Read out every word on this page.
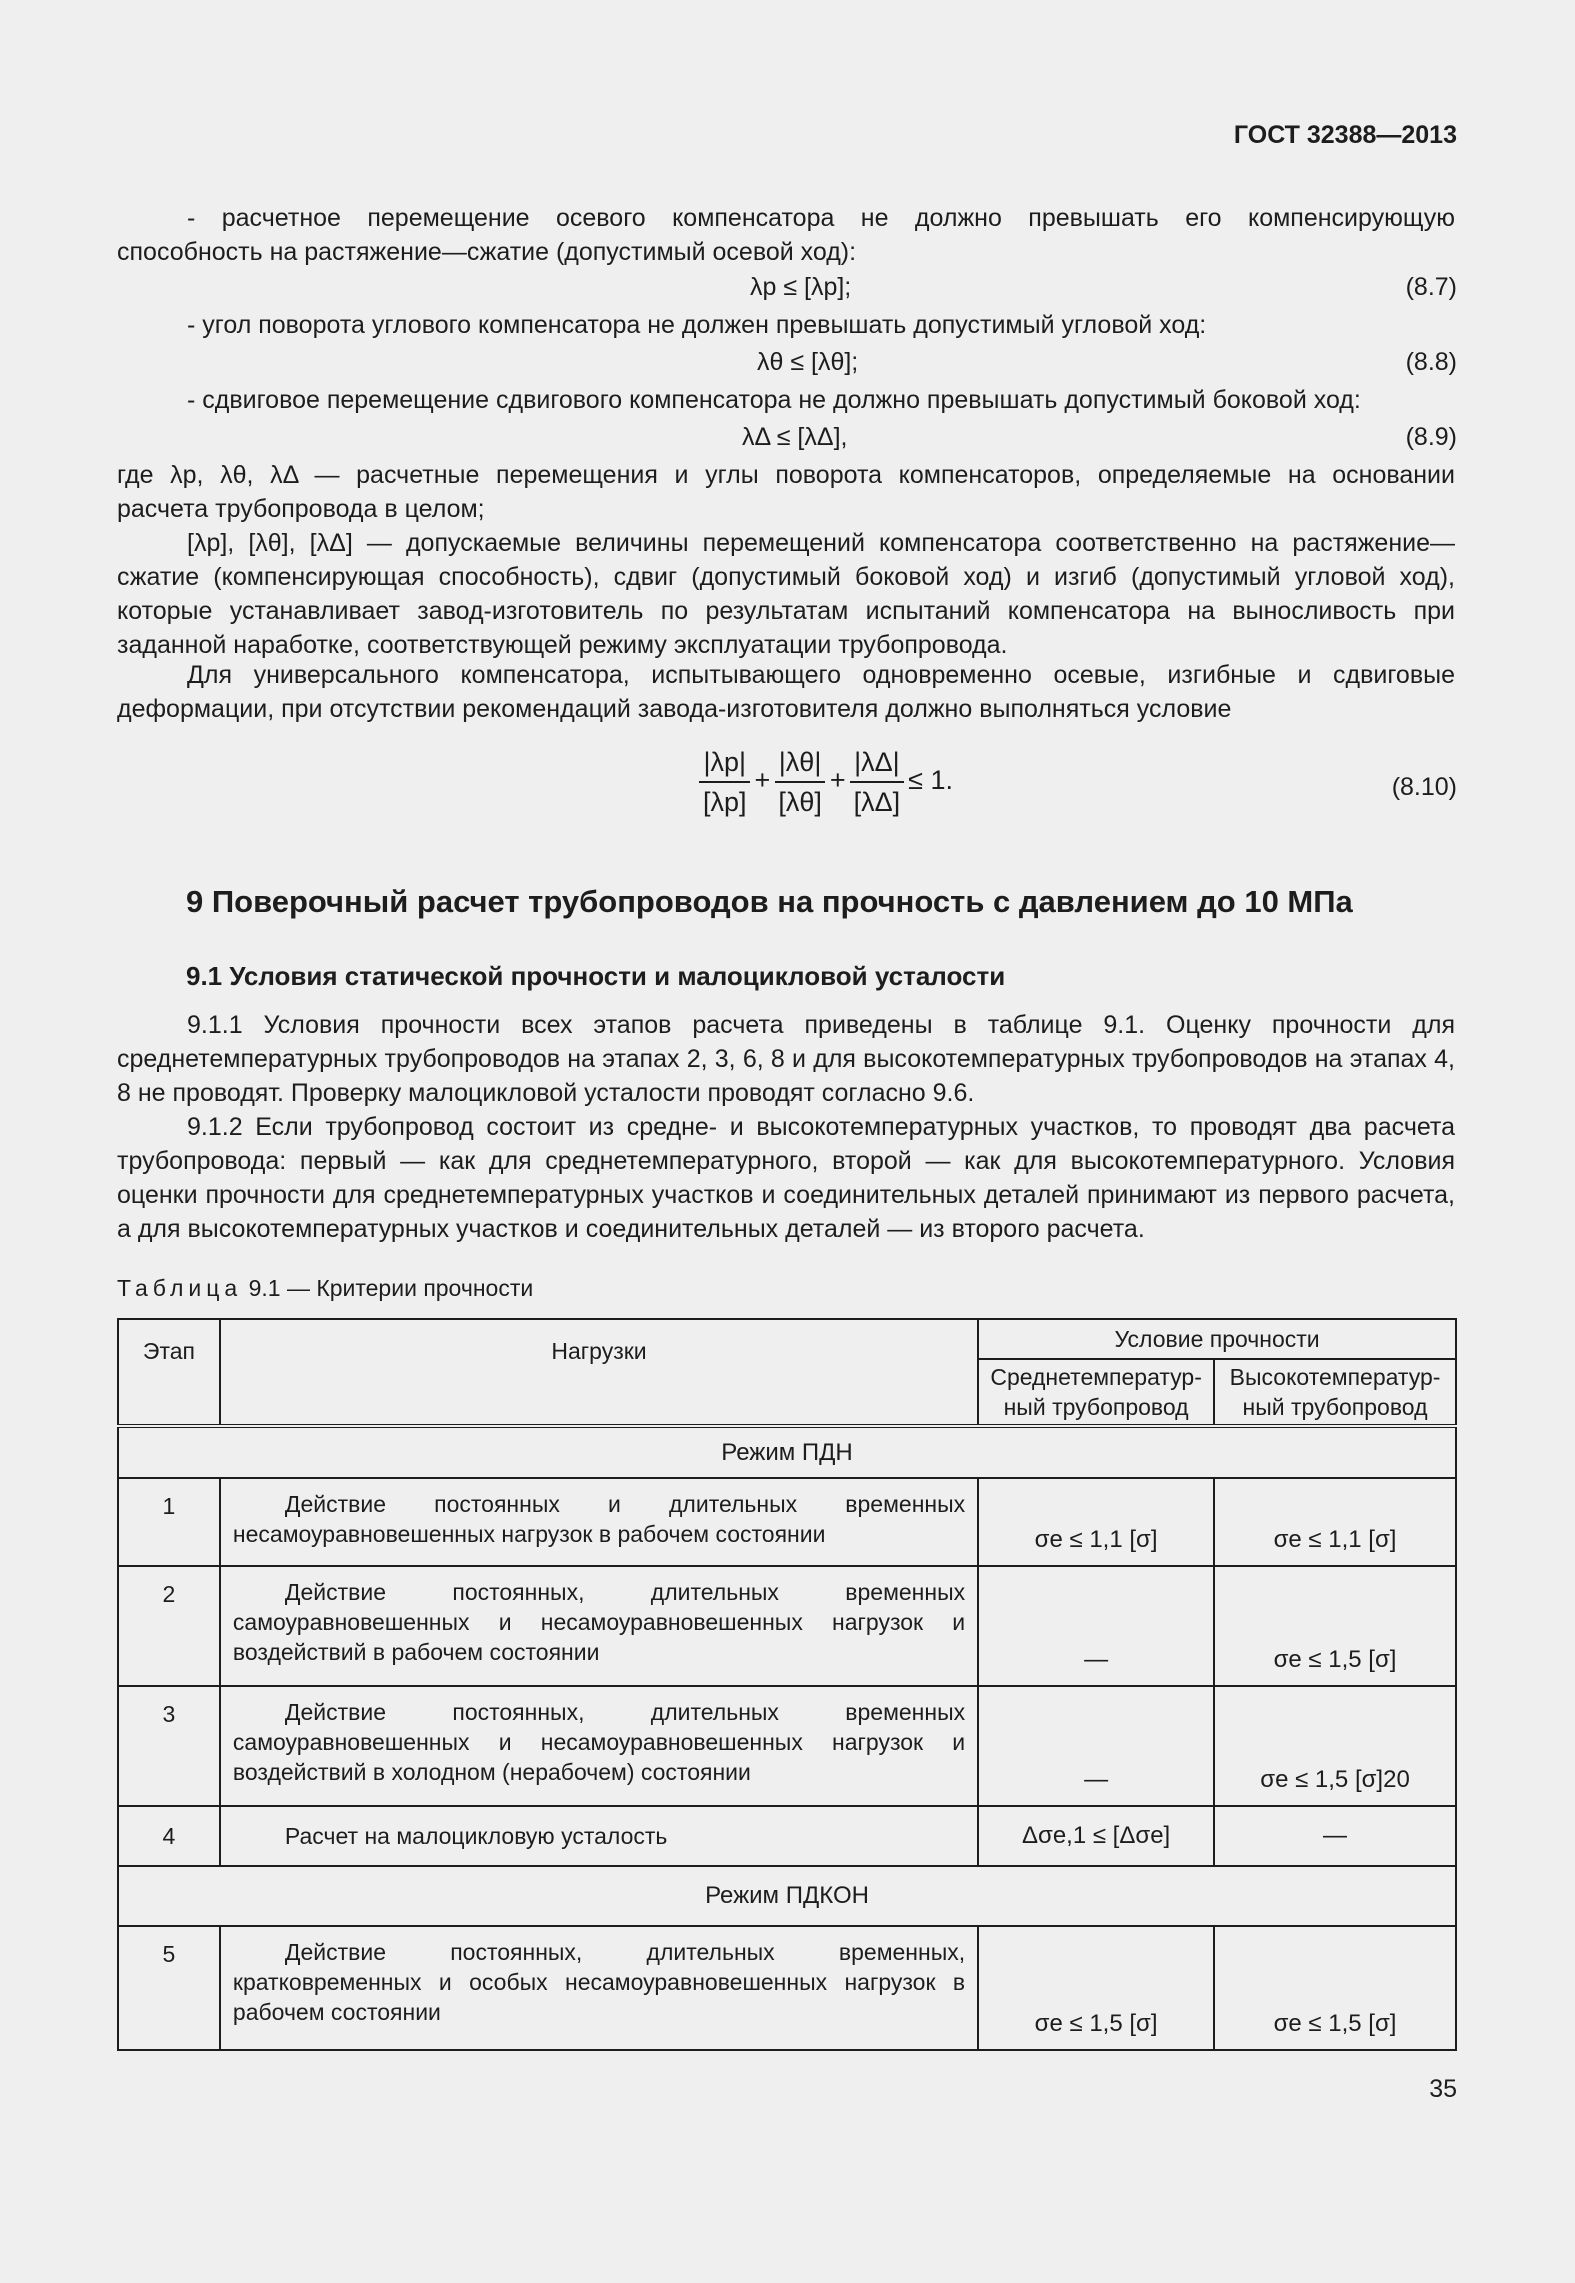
ГОСТ 32388—2013

- расчетное перемещение осевого компенсатора не должно превышать его компенсирующую

способность на растяжение—сжатие (допустимый осевой ход):

λp ≤ [λp];	(8.7)

- угол поворота углового компенсатора не должен превышать допустимый угловой ход:

λθ ≤ [λθ];	(8.8)

- сдвиговое перемещение сдвигового компенсатора не должно превышать допустимый боковой ход:

λΔ ≤ [λΔ],	(8.9)

где λp, λθ, λΔ — расчетные перемещения и углы поворота компенсаторов, определяемые на основании

расчета трубопровода в целом;

[λp], [λθ], [λΔ] — допускаемые величины перемещений компенсатора соответственно на растяжение—сжатие (компенсирующая способность), сдвиг (допустимый боковой ход) и изгиб (допустимый угловой ход), которые устанавливает завод-изготовитель по результатам испытаний компенсатора на выносливость при заданной наработке, соответствующей режиму эксплуатации трубопровода.

Для универсального компенсатора, испытывающего одновременно осевые, изгибные и сдвиговые деформации, при отсутствии рекомендаций завода-изготовителя должно выполняться условие

$\frac{|\lambda p|}{[\lambda p]} + \frac{|\lambda\theta|}{[\lambda\theta]} + \frac{|\lambda\Delta|}{[\lambda\Delta]} \le 1$.	(8.10)
9 Поверочный расчет трубопроводов на прочность с давлением до 10 МПа
9.1 Условия статической прочности и малоцикловой усталости

9.1.1 Условия прочности всех этапов расчета приведены в таблице 9.1. Оценку прочности для среднетемпературных трубопроводов на этапах 2, 3, 6, 8 и для высокотемпературных трубопроводов на этапах 4, 8 не проводят. Проверку малоцикловой усталости проводят согласно 9.6.

9.1.2 Если трубопровод состоит из средне- и высокотемпературных участков, то проводят два расчета трубопровода: первый — как для среднетемпературного, второй — как для высокотемпературного. Условия оценки прочности для среднетемпературных участков и соединительных деталей принимают из первого расчета, а для высокотемпературных участков и соединительных деталей — из второго расчета.

Таблица 9.1 — Критерии прочности
Этап	Нагрузки	Условие прочности	
		Среднетемператур-ный трубопровод	Высокотемператур-ный трубопровод
Режим ПДН			
1	Действие постоянных и длительных временных несамоуравновешенных нагрузок в рабочем состоянии	σe ≤ 1,1 [σ]	σe ≤ 1,1 [σ]
2	Действие постоянных, длительных временных самоуравновешенных и несамоуравновешенных нагрузок и воздействий в рабочем состоянии	—	σe ≤ 1,5 [σ]
3	Действие постоянных, длительных временных самоуравновешенных и несамоуравновешенных нагрузок и воздействий в холодном (нерабочем) состоянии	—	σe ≤ 1,5 [σ]20
4	Расчет на малоцикловую усталость	Δσe,1 ≤ [Δσe]	—
Режим ПДКОН			
5	Действие постоянных, длительных временных, кратковременных и особых несамоуравновешенных нагрузок в рабочем состоянии	σe ≤ 1,5 [σ]	σe ≤ 1,5 [σ]
35
